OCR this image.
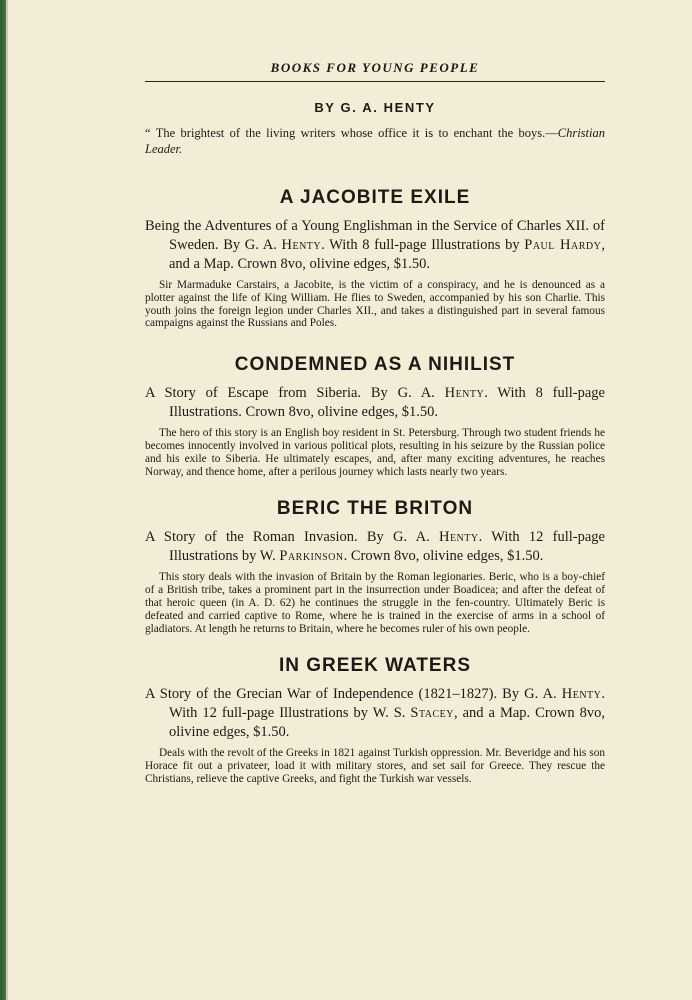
BOOKS FOR YOUNG PEOPLE
BY G. A. HENTY

“ The brightest of the living writers whose office it is to enchant the boys.—Christian Leader.

A JACOBITE EXILE

Being the Adventures of a Young Englishman in the Service of Charles XII. of Sweden. By G. A. Henty. With 8 full-page Illustrations by Paul Hardy, and a Map. Crown 8vo, olivine edges, $1.50.

Sir Marmaduke Carstairs, a Jacobite, is the victim of a conspiracy, and he is denounced as a plotter against the life of King William. He flies to Sweden, accompanied by his son Charlie. This youth joins the foreign legion under Charles XII., and takes a distinguished part in several famous campaigns against the Russians and Poles.

CONDEMNED AS A NIHILIST

A Story of Escape from Siberia. By G. A. Henty. With 8 full-page Illustrations. Crown 8vo, olivine edges, $1.50.

The hero of this story is an English boy resident in St. Petersburg. Through two student friends he becomes innocently involved in various political plots, resulting in his seizure by the Russian police and his exile to Siberia. He ultimately escapes, and, after many exciting adventures, he reaches Norway, and thence home, after a perilous journey which lasts nearly two years.

BERIC THE BRITON

A Story of the Roman Invasion. By G. A. Henty. With 12 full-page Illustrations by W. Parkinson. Crown 8vo, olivine edges, $1.50.

This story deals with the invasion of Britain by the Roman legionaries. Beric, who is a boy-chief of a British tribe, takes a prominent part in the insurrection under Boadicea; and after the defeat of that heroic queen (in A. D. 62) he continues the struggle in the fen-country. Ultimately Beric is defeated and carried captive to Rome, where he is trained in the exercise of arms in a school of gladiators. At length he returns to Britain, where he becomes ruler of his own people.

IN GREEK WATERS

A Story of the Grecian War of Independence (1821–1827). By G. A. Henty. With 12 full-page Illustrations by W. S. Stacey, and a Map. Crown 8vo, olivine edges, $1.50.

Deals with the revolt of the Greeks in 1821 against Turkish oppression. Mr. Beveridge and his son Horace fit out a privateer, load it with military stores, and set sail for Greece. They rescue the Christians, relieve the captive Greeks, and fight the Turkish war vessels.
